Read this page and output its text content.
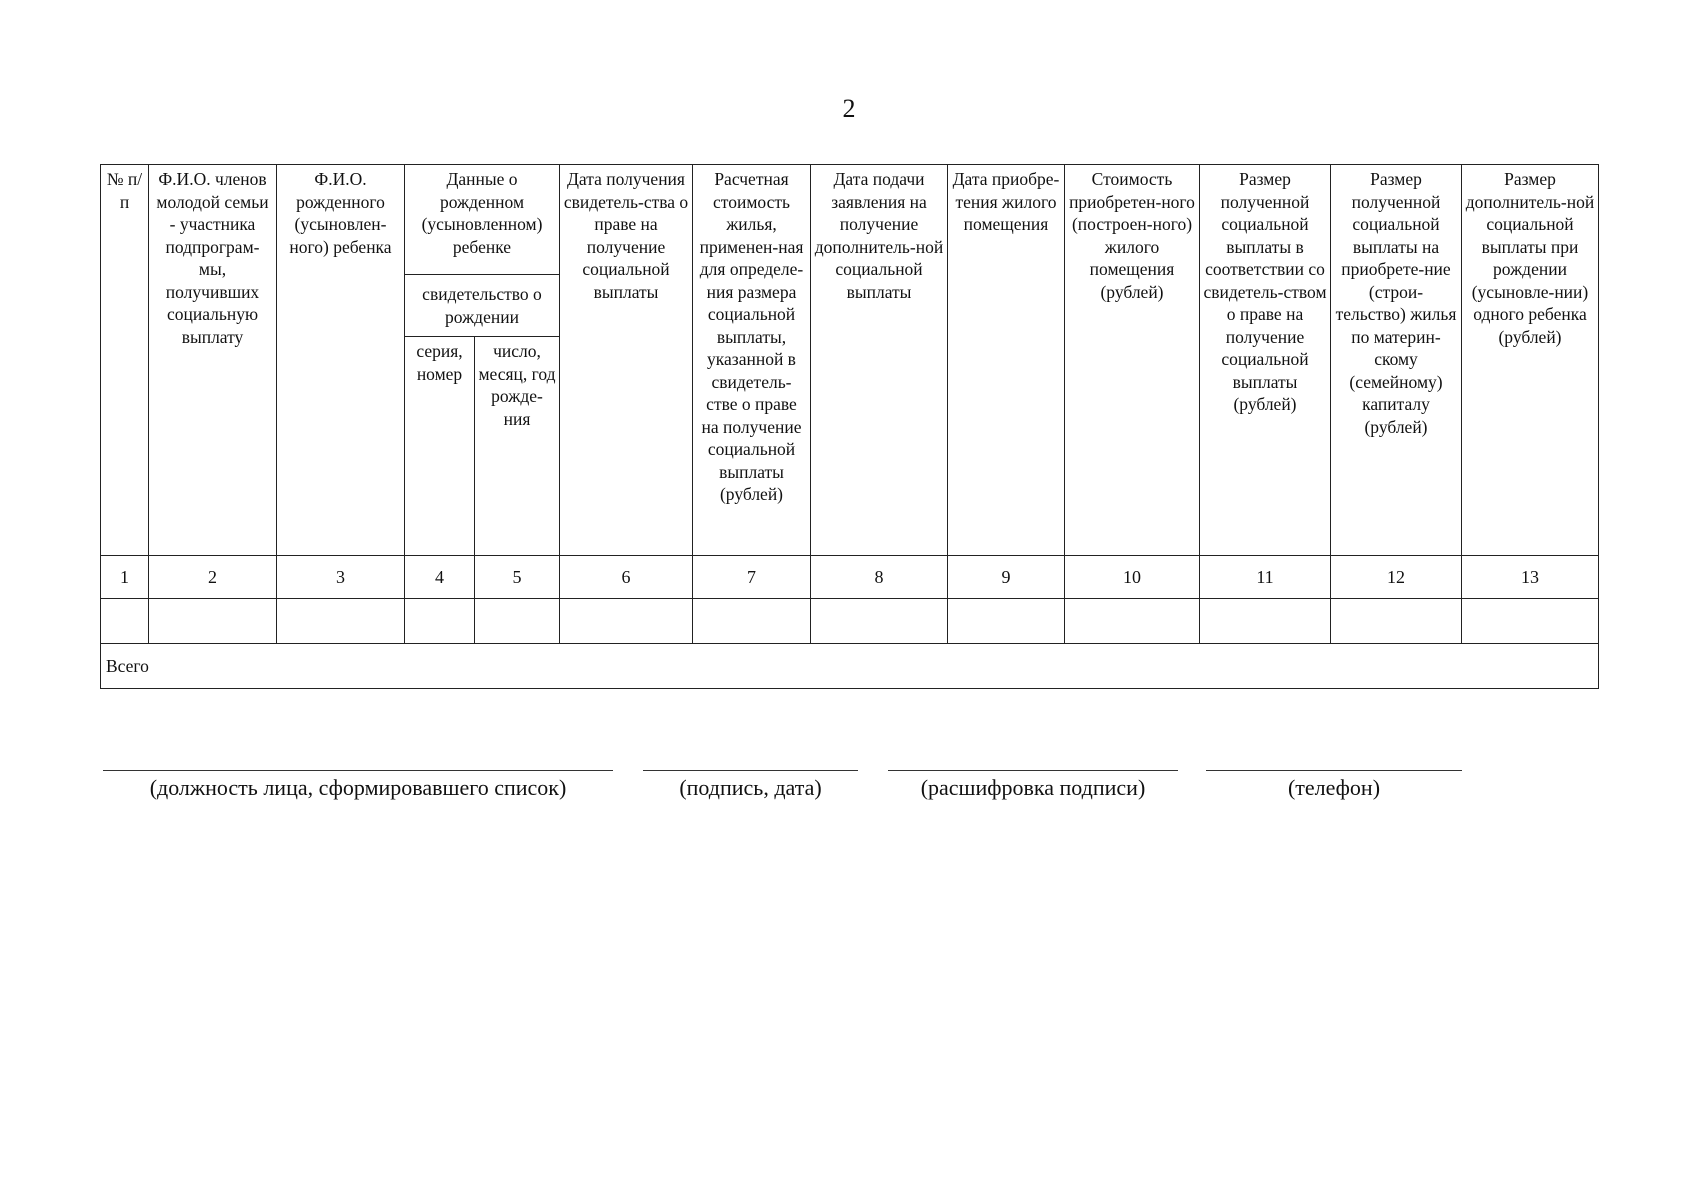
2
№ п/п	Ф.И.О. членов молодой семьи - участника подпрограм-мы, получивших социальную выплату	Ф.И.О. рожденного (усыновлен-ного) ребенка	Данные о рожденном (усыновленном) ребенке		Дата получения свидетель-ства о праве на получение социальной выплаты	Расчетная стоимость жилья, применен-ная для определе-ния размера социальной выплаты, указанной в свидетель-стве о праве на получение социальной выплаты (рублей)	Дата подачи заявления на получение дополнитель-ной социальной выплаты	Дата приобре-тения жилого помещения	Стоимость приобретен-ного (построен-ного) жилого помещения (рублей)	Размер полученной социальной выплаты в соответствии со свидетель-ством о праве на получение социальной выплаты (рублей)	Размер полученной социальной выплаты на приобрете-ние (строи-тельство) жилья по материн-скому (семейному) капиталу (рублей)	Размер дополнитель-ной социальной выплаты при рождении (усыновле-нии) одного ребенка (рублей)
			свидетельство о рождении									
			серия, номер	число, месяц, год рожде-ния								
1	2	3	4	5	6	7	8	9	10	11	12	13

Всего												
(должность лица, сформировавшего список)	(подпись, дата)	(расшифровка подписи)	(телефон)
